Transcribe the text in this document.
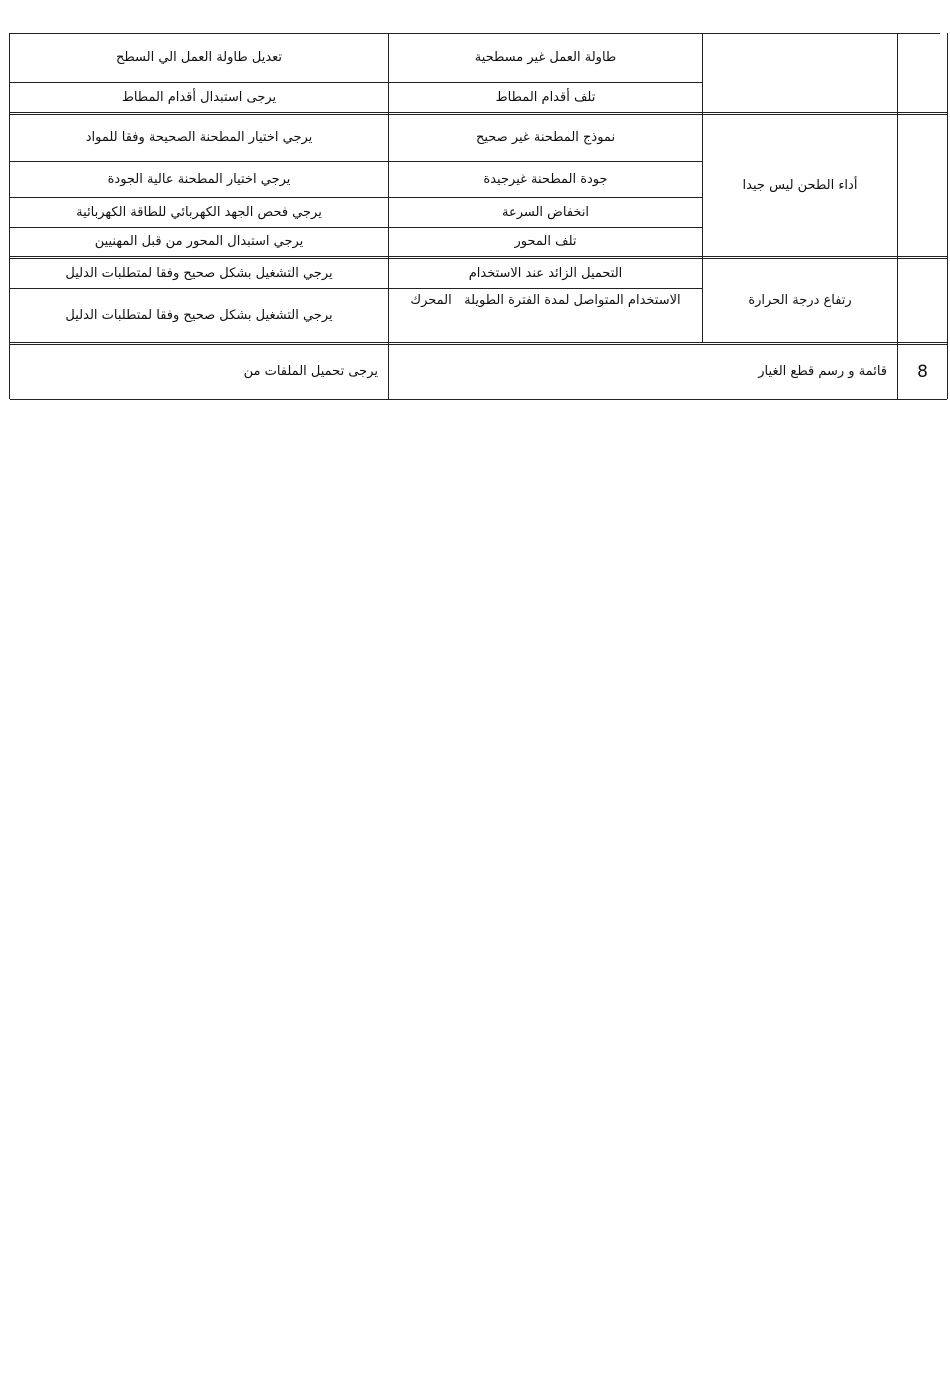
طاولة العمل غير مسطحية
تعديل طاولة العمل الي السطح
تلف أقدام المطاط
يرجى استبدال أقدام المطاط
أداء الطحن ليس جيدا
نموذج المطحنة غير صحيح
يرجي اختيار المطحنة الصحيحة وفقا للمواد
جودة المطحنة غيرجيدة
يرجي اختيار المطحنة عالية الجودة
انخفاض السرعة
يرجي فحص الجهد الكهربائي للطاقة الكهربائية
تلف المحور
يرجي استبدال المحور من قبل المهنيين
رتفاع درجة الحرارة
التحميل الزائد عند الاستخدام
يرجي التشغيل بشكل صحيح وفقا لمتطلبات الدليل
الاستخدام المتواصل لمدة الفترة الطويلة   المحرك
يرجي التشغيل بشكل صحيح وفقا لمتطلبات الدليل
8
قائمة و رسم قطع الغيار
يرجى تحميل الملفات من
